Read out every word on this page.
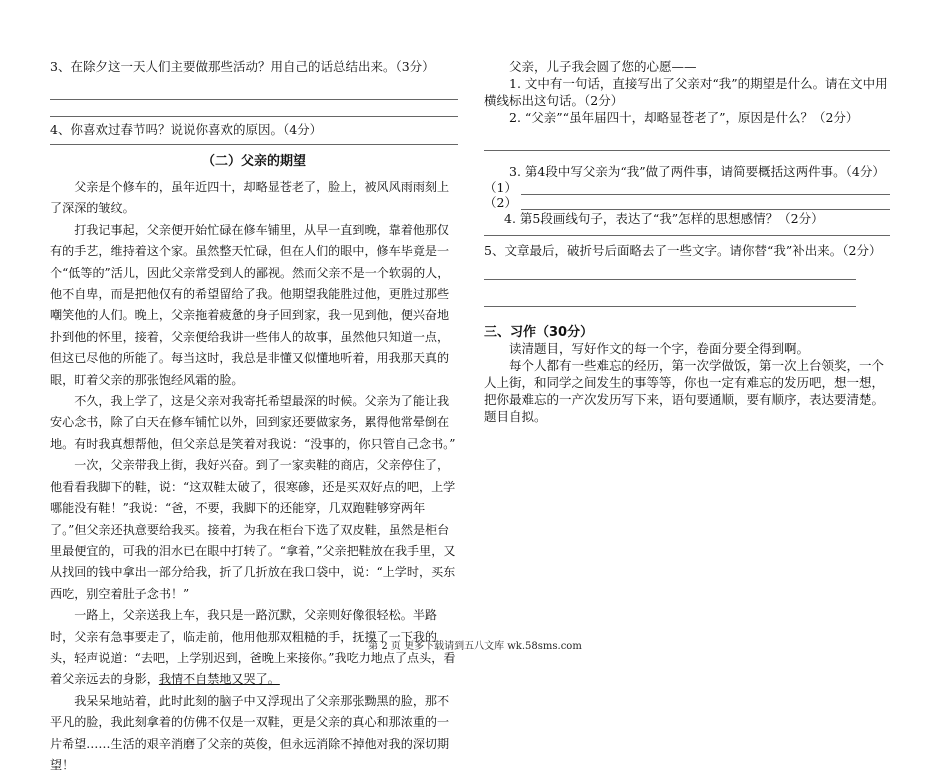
3、在除夕这一天人们主要做那些活动？用自己的话总结出来。（3分）

4、你喜欢过春节吗？说说你喜欢的原因。（4分）

（二）父亲的期望

父亲是个修车的，虽年近四十，却略显苍老了，脸上，被风风雨雨刻上了深深的皱纹。

打我记事起，父亲便开始忙碌在修车铺里，从早一直到晚，靠着他那仅有的手艺，维持着这个家。虽然整天忙碌，但在人们的眼中，修车毕竟是一个“低等的”活儿，因此父亲常受到人的鄙视。然而父亲不是一个软弱的人，他不自卑，而是把他仅有的希望留给了我。他期望我能胜过他，更胜过那些嘲笑他的人们。晚上，父亲拖着疲惫的身子回到家，我一见到他，便兴奋地扑到他的怀里，接着，父亲便给我讲一些伟人的故事，虽然他只知道一点，但这已尽他的所能了。每当这时，我总是非懂又似懂地听着，用我那天真的眼，盯着父亲的那张饱经风霜的脸。

不久，我上学了，这是父亲对我寄托希望最深的时候。父亲为了能让我安心念书，除了白天在修车铺忙以外，回到家还要做家务，累得他常晕倒在地。有时我真想帮他，但父亲总是笑着对我说：“没事的，你只管自己念书。”

一次，父亲带我上街，我好兴奋。到了一家卖鞋的商店，父亲停住了，他看看我脚下的鞋，说：“这双鞋太破了，很寒碜，还是买双好点的吧，上学哪能没有鞋！”我说：“爸，不要，我脚下的还能穿，几双跑鞋够穿两年了。”但父亲还执意要给我买。接着，为我在柜台下选了双皮鞋，虽然是柜台里最便宜的，可我的泪水已在眼中打转了。“拿着，”父亲把鞋放在我手里，又从找回的钱中拿出一部分给我，折了几折放在我口袋中，说：“上学时，买东西吃，别空着肚子念书！”

一路上，父亲送我上车，我只是一路沉默，父亲则好像很轻松。半路时，父亲有急事要走了，临走前，他用他那双粗糙的手，抚摸了一下我的头，轻声说道：“去吧，上学别迟到，爸晚上来接你。”我吃力地点了点头，看着父亲远去的身影，我情不自禁地又哭了。

我呆呆地站着，此时此刻的脑子中又浮现出了父亲那张黝黑的脸，那不平凡的脸，我此刻拿着的仿佛不仅是一双鞋，更是父亲的真心和那浓重的一片希望……生活的艰辛消磨了父亲的英俊，但永远消除不掉他对我的深切期望！

父亲，儿子我会圆了您的心愿——

1. 文中有一句话，直接写出了父亲对“我”的期望是什么。请在文中用横线标出这句话。（2分）

2. “父亲”“虽年届四十，却略显苍老了”，原因是什么？（2分）

3. 第4段中写父亲为“我”做了两件事，请简要概括这两件事。（4分）

（1）
（2）

4. 第5段画线句子，表达了“我”怎样的思想感情？（2分）

5、文章最后，破折号后面略去了一些文字。请你替“我”补出来。（2分）

三、习作（30分）

读清题目，写好作文的每一个字，卷面分要全得到啊。

每个人都有一些难忘的经历，第一次学做饭，第一次上台领奖，一个人上街，和同学之间发生的事等等，你也一定有难忘的发历吧，想一想，把你最难忘的一产次发历写下来，语句要通顺，要有顺序，表达要清楚。题目自拟。

第 2 页 更多下载请到五八文库 wk.58sms.com
